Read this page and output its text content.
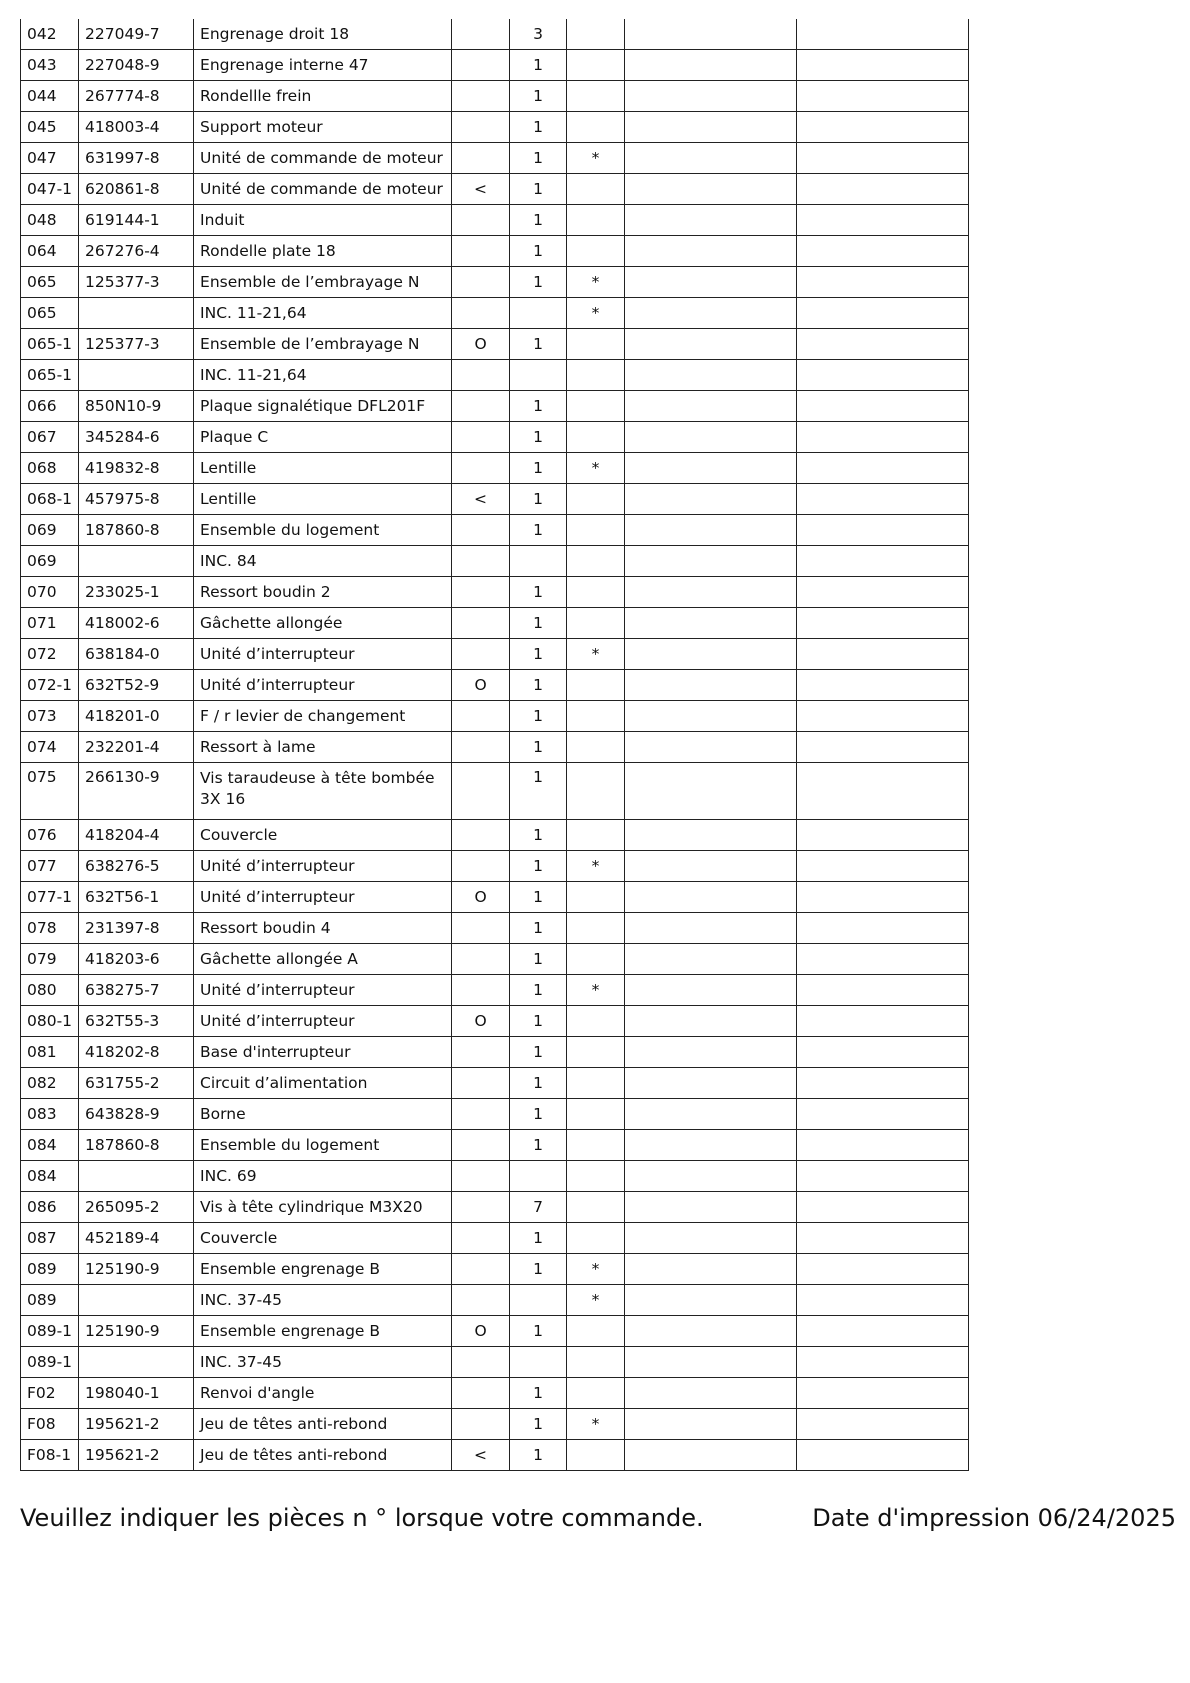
042	227049-7	Engrenage droit 18		3			
043	227048-9	Engrenage interne 47		1			
044	267774-8	Rondellle frein		1			
045	418003-4	Support moteur		1			
047	631997-8	Unité de commande de moteur		1	*		
047-1	620861-8	Unité de commande de moteur	<	1			
048	619144-1	Induit		1			
064	267276-4	Rondelle plate 18		1			
065	125377-3	Ensemble de l’embrayage N		1	*		
065		INC. 11-21,64			*		
065-1	125377-3	Ensemble de l’embrayage N	O	1			
065-1		INC. 11-21,64					
066	850N10-9	Plaque signalétique DFL201F		1			
067	345284-6	Plaque C		1			
068	419832-8	Lentille		1	*		
068-1	457975-8	Lentille	<	1			
069	187860-8	Ensemble du logement		1			
069		INC. 84					
070	233025-1	Ressort boudin 2		1			
071	418002-6	Gâchette allongée		1			
072	638184-0	Unité d’interrupteur		1	*		
072-1	632T52-9	Unité d’interrupteur	O	1			
073	418201-0	F / r levier de changement		1			
074	232201-4	Ressort à lame		1			
075	266130-9	Vis taraudeuse à tête bombée 3X 16		1			
076	418204-4	Couvercle		1			
077	638276-5	Unité d’interrupteur		1	*		
077-1	632T56-1	Unité d’interrupteur	O	1			
078	231397-8	Ressort boudin 4		1			
079	418203-6	Gâchette allongée A		1			
080	638275-7	Unité d’interrupteur		1	*		
080-1	632T55-3	Unité d’interrupteur	O	1			
081	418202-8	Base d'interrupteur		1			
082	631755-2	Circuit d’alimentation		1			
083	643828-9	Borne		1			
084	187860-8	Ensemble du logement		1			
084		INC. 69					
086	265095-2	Vis à tête cylindrique M3X20		7			
087	452189-4	Couvercle		1			
089	125190-9	Ensemble engrenage B		1	*		
089		INC. 37-45			*		
089-1	125190-9	Ensemble engrenage B	O	1			
089-1		INC. 37-45					
F02	198040-1	Renvoi d'angle		1			
F08	195621-2	Jeu de têtes anti-rebond		1	*		
F08-1	195621-2	Jeu de têtes anti-rebond	<	1			
Veuillez indiquer les pièces n ° lorsque votre commande.	Date d'impression 06/24/2025
